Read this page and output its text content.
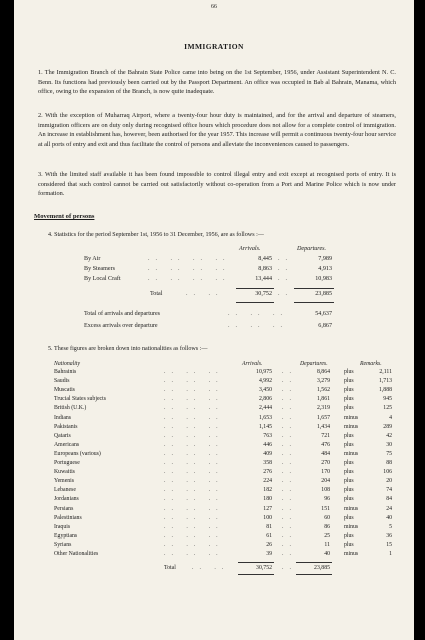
66
IMMIGRATION

1. The Immigration Branch of the Bahrain State Police came into being on the 1st September, 1956, under Assistant Superintendent N. C. Benn. Its functions had previously been carried out by the Passport Department. An office was occupied in Bab al Bahrain, Manama, which office, owing to the expansion of the Branch, is now quite inadequate.

2. With the exception of Muharraq Airport, where a twenty-four hour duty is maintained, and for the arrival and departure of steamers, immigration officers are on duty only during recognised office hours which procedure does not allow for a complete control of immigration. An increase in establishment has, however, been authorised for the year 1957. This increase will permit a continuous twenty-four hour service at all ports of entry and exit and thus facilitate the control of persons and alleviate the inconveniences caused to passengers.

3. With the limited staff available it has been found impossible to control illegal entry and exit except at recognised ports of entry. It is considered that such control cannot be carried out satisfactorily without co-operation from a Port and Marine Police which is now under formation.

Movement of persons
4. Statistics for the period September 1st, 1956 to 31 December, 1956, are as follows :—
Arrivals.	Departures.
By Air	.. .. .. ..	8,445 ..	7,989
By Steamers	.. .. .. ..	8,863 ..	4,913
By Local Craft	.. .. .. ..	13,444 ..	10,983
Total	.. ..	30,752 ..	23,885
Total of arrivals and departures	.. .. ..	54,637
Excess arrivals over departure	.. .. ..	6,867
5. These figures are broken down into nationalities as follows :—
Nationality	Arrivals.	Departures.	Remarks.
Bahrainis	.. .. ..	10,975 ..	8,864 plus	2,111
Saudis	.. .. ..	4,992 ..	3,279 plus	1,713
Muscatis	.. .. ..	3,450 ..	1,562 plus	1,888
Trucial States subjects	.. .. ..	2,806 ..	1,861 plus	945
British (U.K.)	.. .. ..	2,444 ..	2,319 plus	125
Indians	.. .. ..	1,653 ..	1,657 minus	4
Pakistanis	.. .. ..	1,145 ..	1,434 minus	289
Qataris	.. .. ..	763 ..	721 plus	42
Americans	.. .. ..	446 ..	476 plus	30
Europeans (various)	.. .. ..	409 ..	484 minus	75
Portuguese	.. .. ..	358 ..	270 plus	88
Kuwaitis	.. .. ..	276 ..	170 plus	106
Yemenis	.. .. ..	224 ..	204 plus	20
Lebanese	.. .. ..	182 ..	108 plus	74
Jordanians	.. .. ..	180 ..	96 plus	84
Persians	.. .. ..	127 ..	151 minus	24
Palestinians	.. .. ..	100 ..	60 plus	40
Iraquis	.. .. ..	81 ..	86 minus	5
Egyptians	.. .. ..	61 ..	25 plus	36
Syrians	.. .. ..	26 ..	11 plus	15
Other Nationalities	.. .. ..	39 ..	40 minus	1
Total	.. ..	30,752 ..	23,885
